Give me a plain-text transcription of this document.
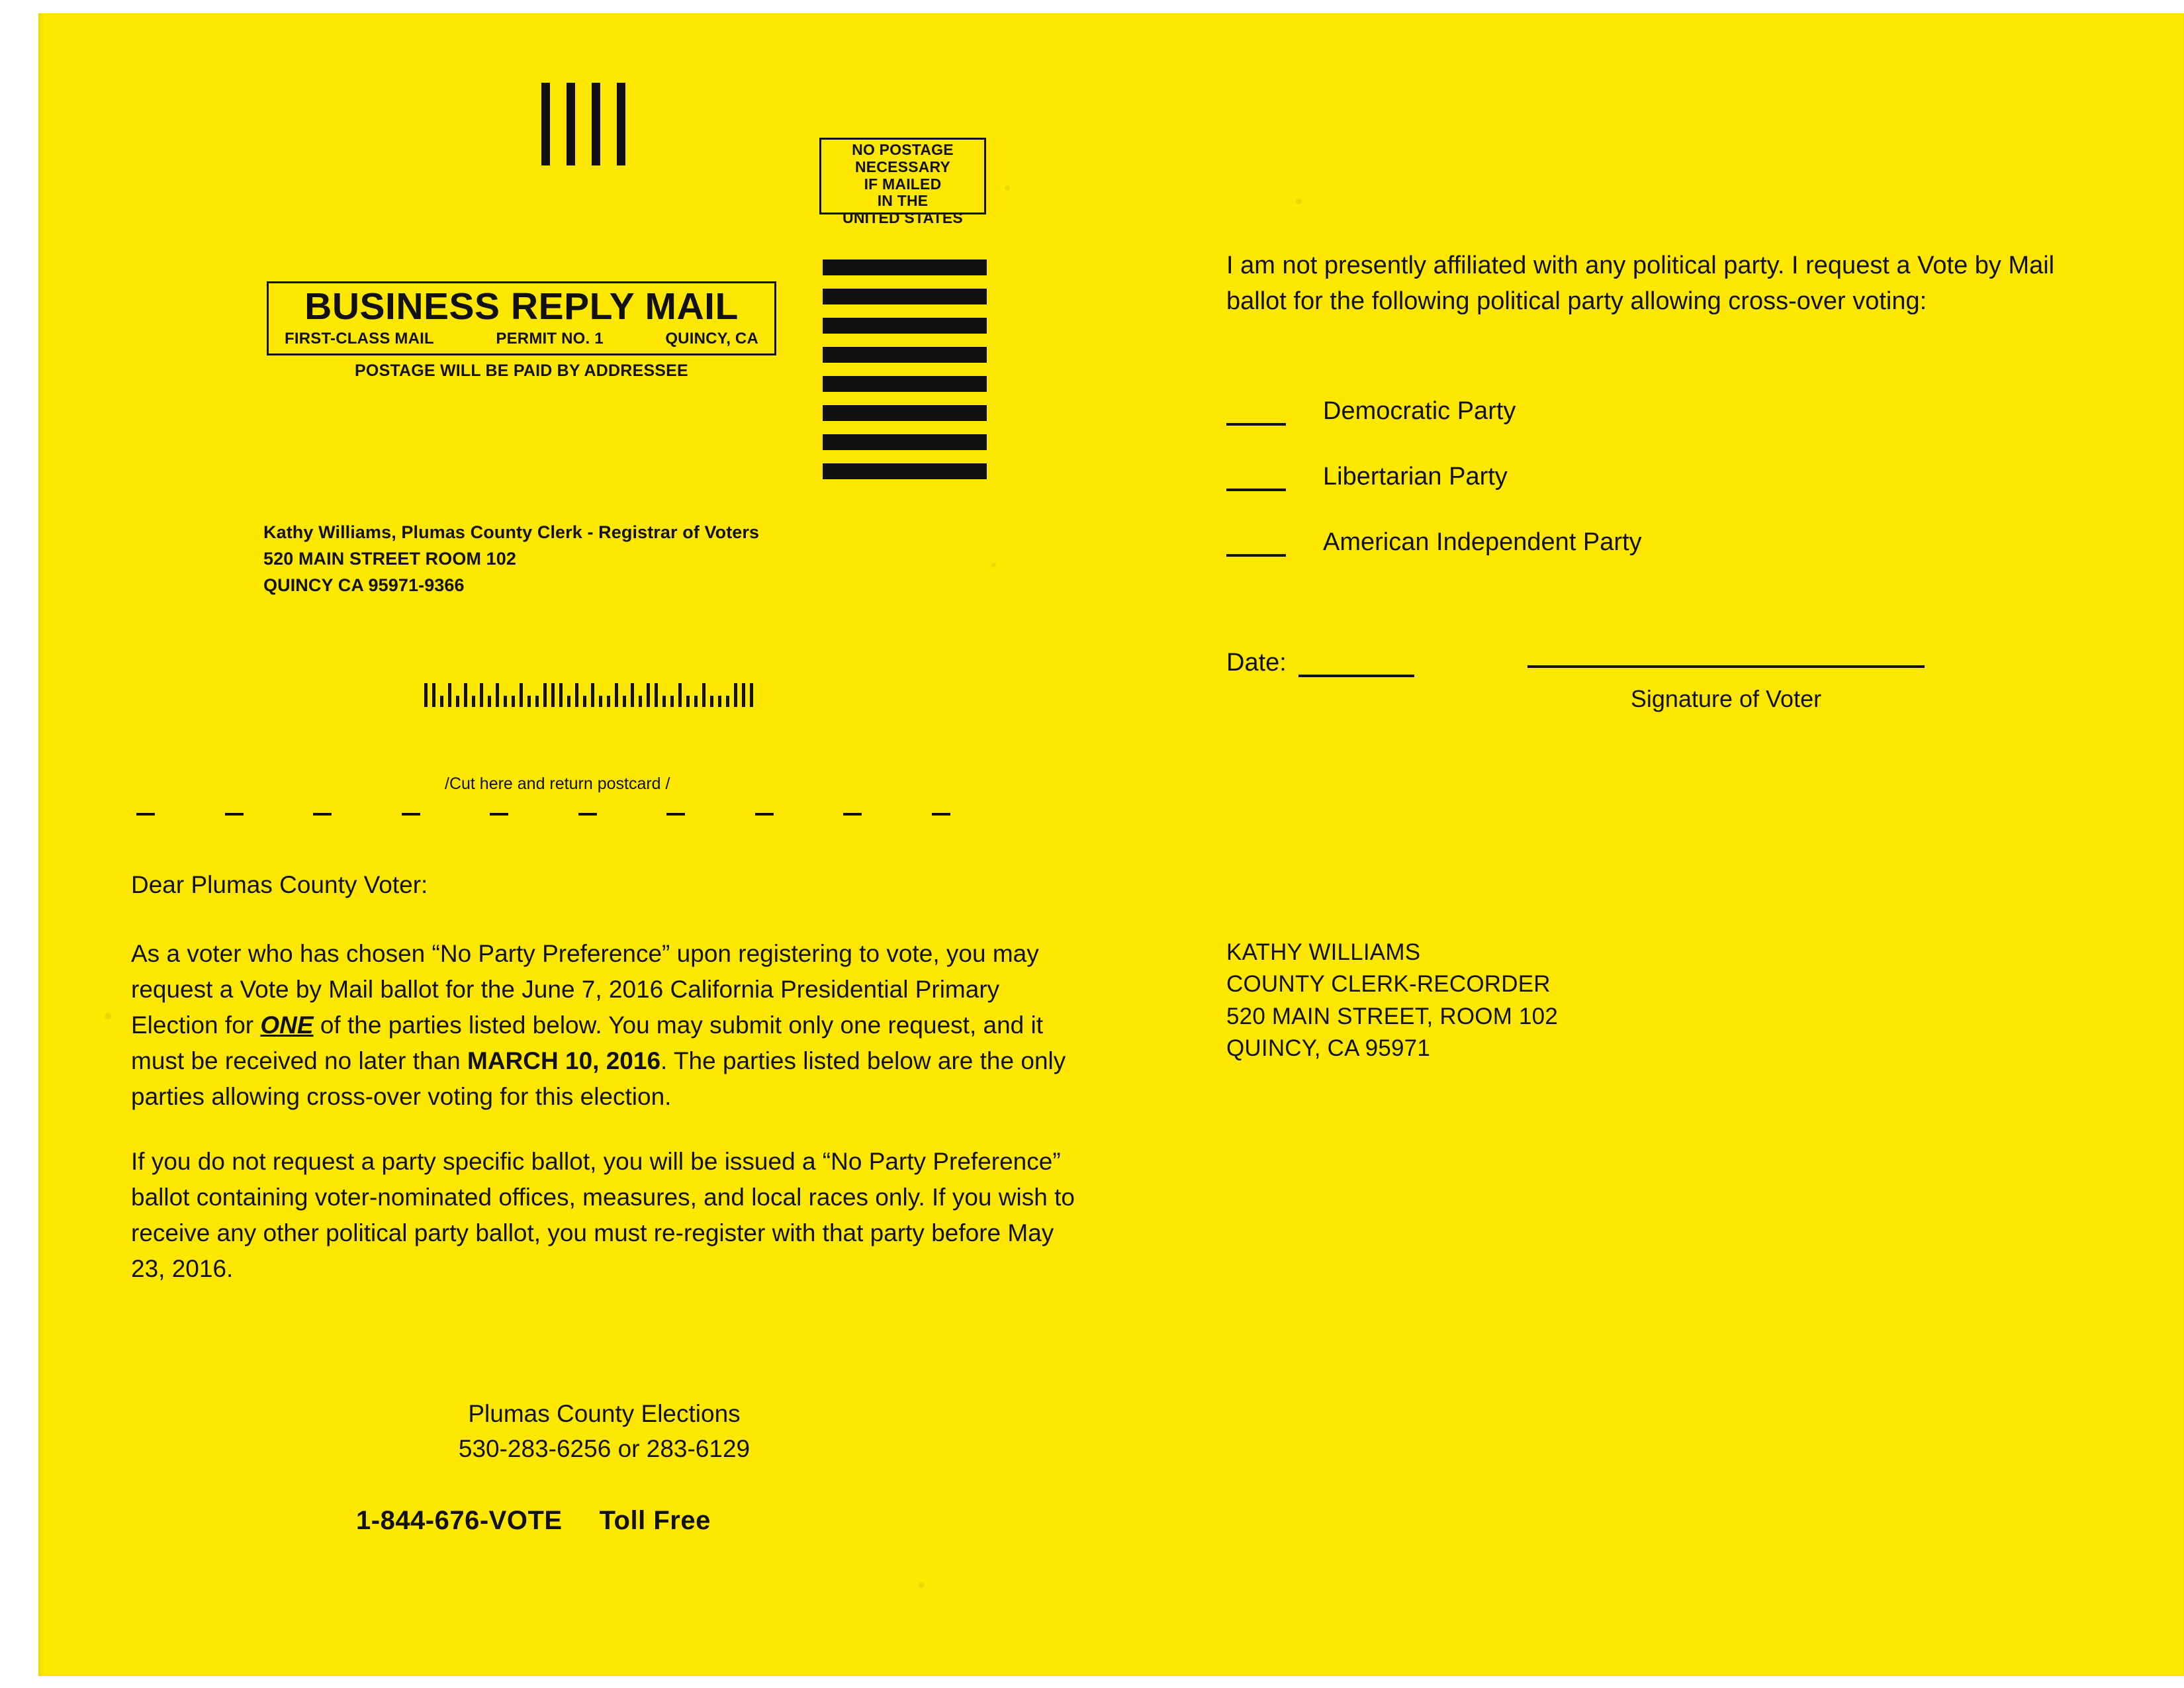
NO POSTAGE
NECESSARY
IF MAILED
IN THE
UNITED STATES
BUSINESS REPLY MAIL
FIRST-CLASS MAIL	PERMIT NO. 1	QUINCY, CA
POSTAGE WILL BE PAID BY ADDRESSEE
Kathy Williams, Plumas County Clerk - Registrar of Voters
520 MAIN STREET ROOM 102
QUINCY CA 95971-9366
/Cut here and return postcard /

Dear Plumas County Voter:

As a voter who has chosen “No Party Preference” upon registering to vote, you may request a Vote by Mail ballot for the June 7, 2016 California Presidential Primary Election for ONE of the parties listed below. You may submit only one request, and it must be received no later than MARCH 10, 2016. The parties listed below are the only parties allowing cross-over voting for this election.

If you do not request a party specific ballot, you will be issued a “No Party Preference” ballot containing voter-nominated offices, measures, and local races only. If you wish to receive any other political party ballot, you must re-register with that party before May 23, 2016.

Plumas County Elections
530-283-6256 or 283-6129
1-844-676-VOTE Toll Free
I am not presently affiliated with any political party. I request a Vote by Mail ballot for the following political party allowing cross-over voting:
Democratic Party
Libertarian Party
American Independent Party
Date:
Signature of Voter
KATHY WILLIAMS
COUNTY CLERK-RECORDER
520 MAIN STREET, ROOM 102
QUINCY, CA 95971
